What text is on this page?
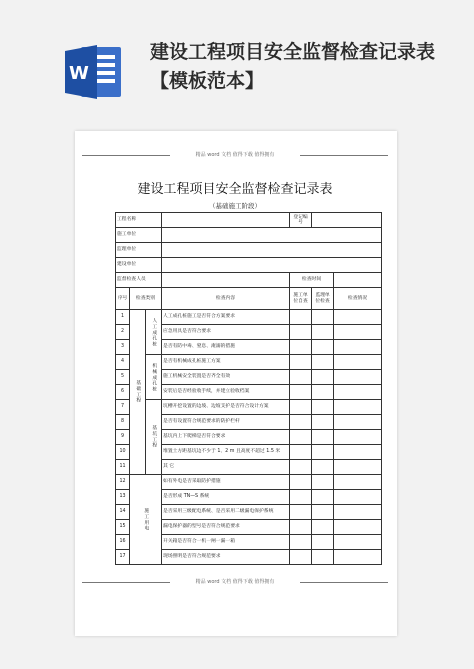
W
建设工程项目安全监督检查记录表【模板范本】
精品 word 文档 值得下载 值得拥有
建设工程项目安全监督检查记录表
（基础施工阶段）
工程名称				登记编号		
施工单位						
监理单位						
建设单位						
监督检查人员				检查时间		
序号	检查类别		检查内容	施工单位自查	监理单位检查	检查情况
1	基础工程	人工成孔桩	人工成孔桩施工是否符合方案要求			
2			应急用具是否符合要求			
3			是否有防中毒、窒息、淹溺的措施			
4		机械成孔桩	是否有机械成孔桩施工方案			
5			施工机械安全装置是否齐全有效			
6			安装后是否经验收手续，并建立验收档案			
7		基坑工程	坑槽开挖设置的边坡、边坡支护是否符合设计方案			
8			是否有设置符合规范要求的防护栏杆			
9			基坑内上下爬梯是否符合要求			
10			堆置土方距基坑边不少于 1、2 m 且高度不超过 1.5 米			
11			其 它			
12	施工用电		如有外电是否采取防护措施			
13			是否形成 TN—S 系统			
14			是否采用三级配电系统、是否采用二级漏电保护系统			
15			漏电保护器的型号是否符合规范要求			
16			开关箱是否符合一机一闸一漏一箱			
17			现场照明是否符合规范要求			
精品 word 文档 值得下载 值得拥有
